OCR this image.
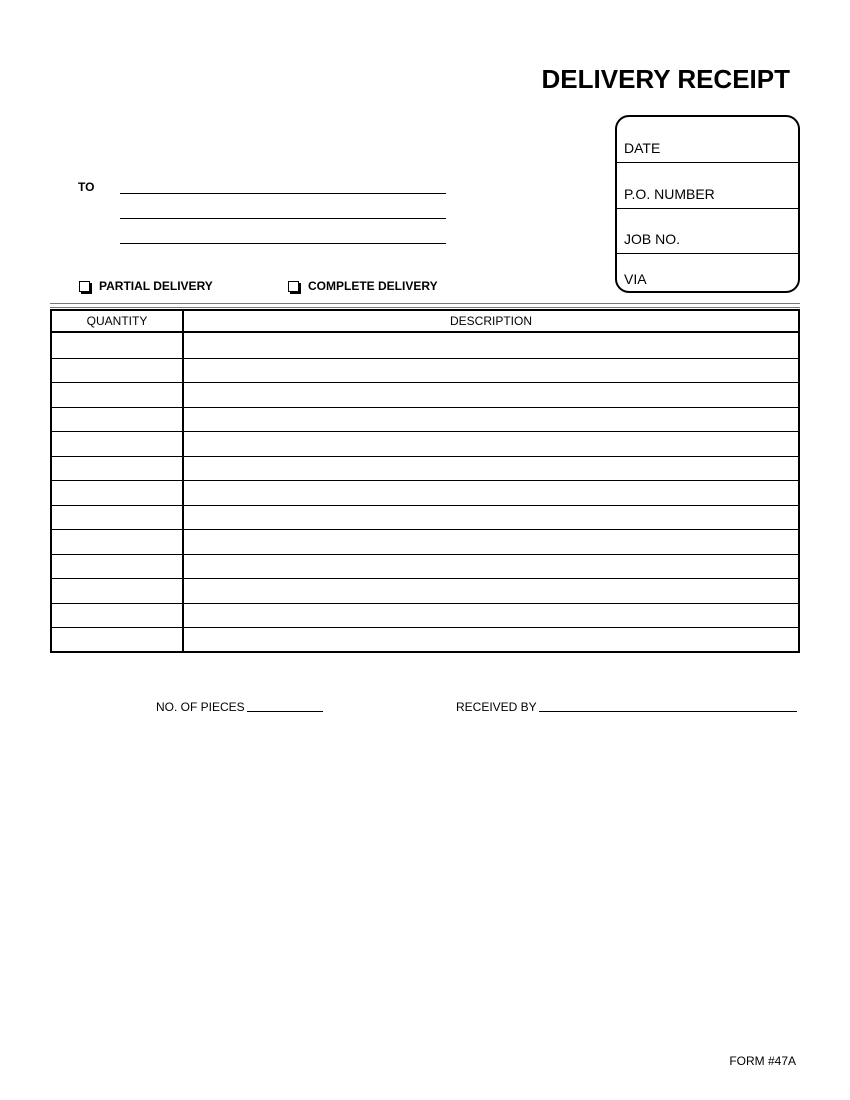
DELIVERY RECEIPT
DATE
P.O. NUMBER
JOB NO.
VIA
TO
PARTIAL DELIVERY	COMPLETE DELIVERY
QUANTITY	DESCRIPTION
NO. OF PIECES	RECEIVED BY
FORM #47A
